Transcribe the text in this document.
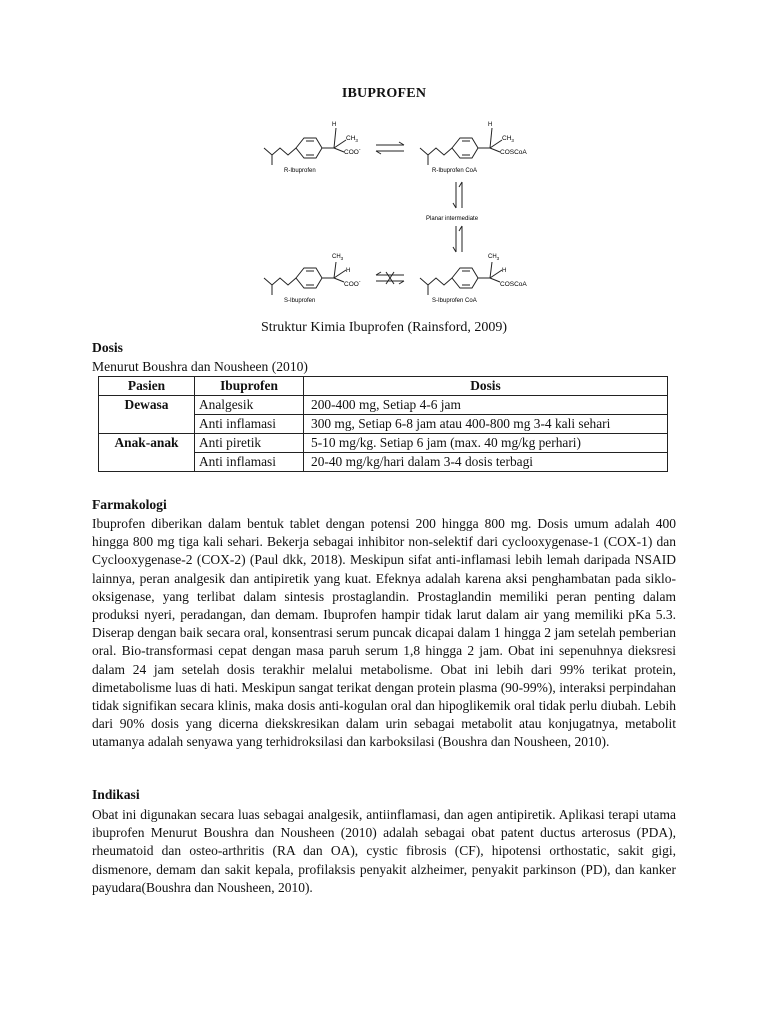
IBUPROFEN
H
$CH_3$
COO-
R-Ibuprofen
H
$CH_3$
COSCoA
R-Ibuprofen CoA
Planar intermediate
$CH_3$
H
COO-
S-Ibuprofen
$CH_3$
H
COSCoA
S-Ibuprofen CoA
Struktur Kimia Ibuprofen (Rainsford, 2009)
Dosis
Menurut Boushra dan Nousheen (2010)
Pasien	Ibuprofen	Dosis
Dewasa	Analgesik	200-400 mg, Setiap 4-6 jam
	Anti inflamasi	300 mg, Setiap 6-8 jam atau 400-800 mg 3-4 kali sehari
Anak-anak	Anti piretik	5-10 mg/kg. Setiap 6 jam (max. 40 mg/kg perhari)
	Anti inflamasi	20-40 mg/kg/hari dalam 3-4 dosis terbagi
Farmakologi

Ibuprofen diberikan dalam bentuk tablet dengan potensi 200 hingga 800 mg. Dosis umum adalah 400 hingga 800 mg tiga kali sehari. Bekerja sebagai inhibitor non-selektif dari cyclooxygenase-1 (COX-1) dan Cyclooxygenase-2 (COX-2) (Paul dkk, 2018). Meskipun sifat anti-inflamasi lebih lemah daripada NSAID lainnya, peran analgesik dan antipiretik yang kuat. Efeknya adalah karena aksi penghambatan pada siklo-oksigenase, yang terlibat dalam sintesis prostaglandin. Prostaglandin memiliki peran penting dalam produksi nyeri, peradangan, dan demam. Ibuprofen hampir tidak larut dalam air yang memiliki pKa 5.3. Diserap dengan baik secara oral, konsentrasi serum puncak dicapai dalam 1 hingga 2 jam setelah pemberian oral. Bio-transformasi cepat dengan masa paruh serum 1,8 hingga 2 jam. Obat ini sepenuhnya dieksresi dalam 24 jam setelah dosis terakhir melalui metabolisme. Obat ini lebih dari 99% terikat protein, dimetabolisme luas di hati. Meskipun sangat terikat dengan protein plasma (90-99%), interaksi perpindahan tidak signifikan secara klinis, maka dosis anti-kogulan oral dan hipoglikemik oral tidak perlu diubah. Lebih dari 90% dosis yang dicerna diekskresikan dalam urin sebagai metabolit atau konjugatnya, metabolit utamanya adalah senyawa yang terhidroksilasi dan karboksilasi (Boushra dan Nousheen, 2010).

Indikasi

Obat ini digunakan secara luas sebagai analgesik, antiinflamasi, dan agen antipiretik. Aplikasi terapi utama ibuprofen Menurut Boushra dan Nousheen (2010) adalah sebagai obat patent ductus arterosus (PDA), rheumatoid dan osteo-arthritis (RA dan OA), cystic fibrosis (CF), hipotensi orthostatic, sakit gigi, dismenore, demam dan sakit kepala, profilaksis penyakit alzheimer, penyakit parkinson (PD), dan kanker payudara(Boushra dan Nousheen, 2010).
